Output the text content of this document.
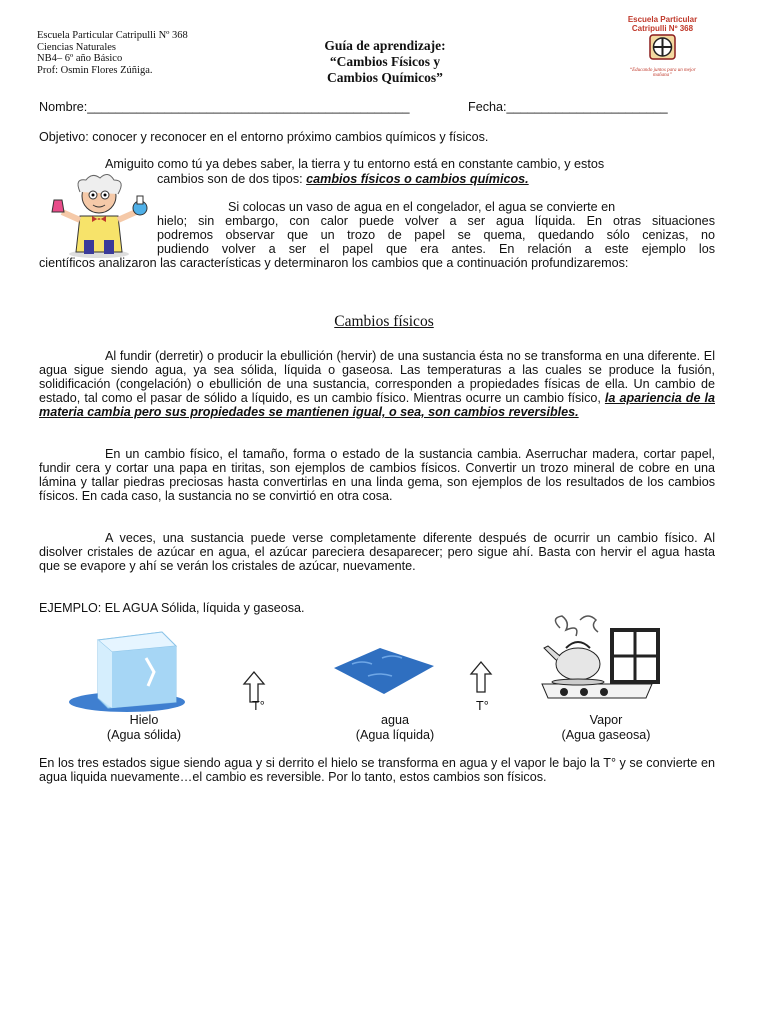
Escuela Particular Catripulli Nº 368
Ciencias Naturales
NB4– 6º año Básico
Prof: Osmin Flores Zúñiga.
Guía de aprendizaje:
“Cambios Físicos y
Cambios Químicos”
Escuela Particular
Catripulli Nº 368
“Educando juntos para un mejor mañana”
Nombre:______________________________________________	Fecha:_______________________
Objetivo: conocer y reconocer en el entorno próximo cambios químicos y físicos.
Amiguito como tú ya debes saber, la tierra y tu entorno está en constante cambio, y estos
cambios son de dos tipos: cambios físicos o cambios químicos.
Si colocas un vaso de agua en el congelador, el agua se convierte en
hielo; sin embargo, con calor puede volver a ser agua líquida. En otras situaciones
podremos observar que un trozo de papel se quema, quedando sólo cenizas, no
pudiendo volver a ser el papel que era antes. En relación a este ejemplo los
científicos analizaron las características y determinaron los cambios que a continuación profundizaremos:
Cambios físicos
Al fundir (derretir) o producir la ebullición (hervir) de una sustancia ésta no se transforma en una diferente. El agua sigue siendo agua, ya sea sólida, líquida o gaseosa. Las temperaturas a las cuales se produce la fusión, solidificación (congelación) o ebullición de una sustancia, corresponden a propiedades físicas de ella. Un cambio de estado, tal como el pasar de sólido a líquido, es un cambio físico. Mientras ocurre un cambio físico, la apariencia de la materia cambia pero sus propiedades se mantienen igual, o sea, son cambios reversibles.
En un cambio físico, el tamaño, forma o estado de la sustancia cambia. Aserruchar madera, cortar papel, fundir cera y cortar una papa en tiritas, son ejemplos de cambios físicos. Convertir un trozo mineral de cobre en una lámina y tallar piedras preciosas hasta convertirlas en una linda gema, son ejemplos de los resultados de los cambios físicos. En cada caso, la sustancia no se convirtió en otra cosa.
A veces, una sustancia puede verse completamente diferente después de ocurrir un cambio físico. Al disolver cristales de azúcar en agua, el azúcar pareciera desaparecer; pero sigue ahí. Basta con hervir el agua hasta que se evapore y ahí se verán los cristales de azúcar, nuevamente.
EJEMPLO: EL AGUA Sólida, líquida y gaseosa.
T°	T°
Hielo
(Agua sólida)
agua
(Agua líquida)
Vapor
(Agua gaseosa)
En los tres estados sigue siendo agua y si derrito el hielo se transforma en agua y el vapor le bajo la T° y se convierte en agua liquida nuevamente…el cambio es reversible. Por lo tanto, estos cambios son físicos.
